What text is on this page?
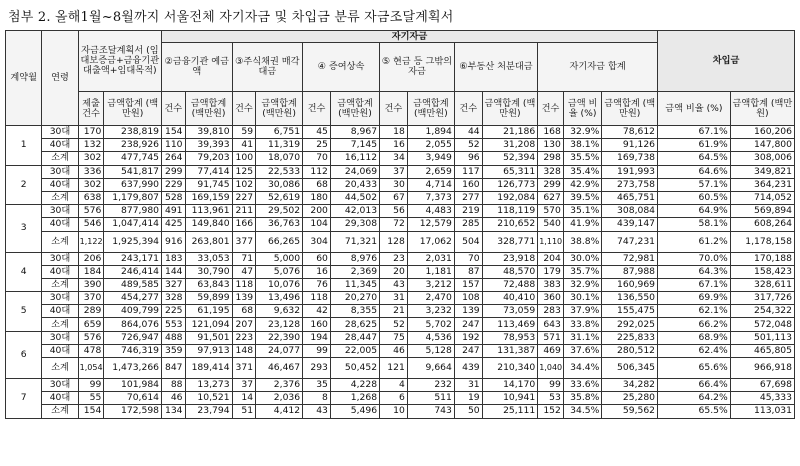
첨부 2. 올해1월~8월까지 서울전체 자기자금 및 차입금 분류 자금조달계획서
계약월	연령	자금조달계획서 (임대보증금+금융기관대출액+임대목적)		자기자금													차입금	
				②금융기관 예금액		③주식채권 매각대금		④ 증여상속		⑤ 현금 등 그밖의 자금		⑥부동산 처분대금		자기자금 합계				
		제출 건수	금액합계 (백만원)	건수	금액합계 (백만원)	건수	금액합계 (백만원)	건수	금액합계 (백만원)	건수	금액합계 (백만원)	건수	금액합계 (백만원)	건수	금액 비율 (%)	금액합계 (백만원)	금액 비율 (%)	금액합계 (백만원)
1	30대	170	238,819	154	39,810	59	6,751	45	8,967	18	1,894	44	21,186	168	32.9%	78,612	67.1%	160,206
	40대	132	238,926	110	39,393	41	11,319	25	7,145	16	2,055	52	31,208	130	38.1%	91,126	61.9%	147,800
	소계	302	477,745	264	79,203	100	18,070	70	16,112	34	3,949	96	52,394	298	35.5%	169,738	64.5%	308,006
2	30대	336	541,817	299	77,414	125	22,533	112	24,069	37	2,659	117	65,311	328	35.4%	191,993	64.6%	349,821
	40대	302	637,990	229	91,745	102	30,086	68	20,433	30	4,714	160	126,773	299	42.9%	273,758	57.1%	364,231
	소계	638	1,179,807	528	169,159	227	52,619	180	44,502	67	7,373	277	192,084	627	39.5%	465,751	60.5%	714,052
3	30대	576	877,980	491	113,961	211	29,502	200	42,013	56	4,483	219	118,119	570	35.1%	308,084	64.9%	569,894
	40대	546	1,047,414	425	149,840	166	36,763	104	29,308	72	12,579	285	210,652	540	41.9%	439,147	58.1%	608,264
	소계	1,122	1,925,394	916	263,801	377	66,265	304	71,321	128	17,062	504	328,771	1,110	38.8%	747,231	61.2%	1,178,158
4	30대	206	243,171	183	33,053	71	5,000	60	8,976	23	2,031	70	23,918	204	30.0%	72,981	70.0%	170,188
	40대	184	246,414	144	30,790	47	5,076	16	2,369	20	1,181	87	48,570	179	35.7%	87,988	64.3%	158,423
	소계	390	489,585	327	63,843	118	10,076	76	11,345	43	3,212	157	72,488	383	32.9%	160,969	67.1%	328,611
5	30대	370	454,277	328	59,899	139	13,496	118	20,270	31	2,470	108	40,410	360	30.1%	136,550	69.9%	317,726
	40대	289	409,799	225	61,195	68	9,632	42	8,355	21	3,232	139	73,059	283	37.9%	155,475	62.1%	254,322
	소계	659	864,076	553	121,094	207	23,128	160	28,625	52	5,702	247	113,469	643	33.8%	292,025	66.2%	572,048
6	30대	576	726,947	488	91,501	223	22,390	194	28,447	75	4,536	192	78,953	571	31.1%	225,833	68.9%	501,113
	40대	478	746,319	359	97,913	148	24,077	99	22,005	46	5,128	247	131,387	469	37.6%	280,512	62.4%	465,805
	소계	1,054	1,473,266	847	189,414	371	46,467	293	50,452	121	9,664	439	210,340	1,040	34.4%	506,345	65.6%	966,918
7	30대	99	101,984	88	13,273	37	2,376	35	4,228	4	232	31	14,170	99	33.6%	34,282	66.4%	67,698
	40대	55	70,614	46	10,521	14	2,036	8	1,268	6	511	19	10,941	53	35.8%	25,280	64.2%	45,333
	소계	154	172,598	134	23,794	51	4,412	43	5,496	10	743	50	25,111	152	34.5%	59,562	65.5%	113,031
